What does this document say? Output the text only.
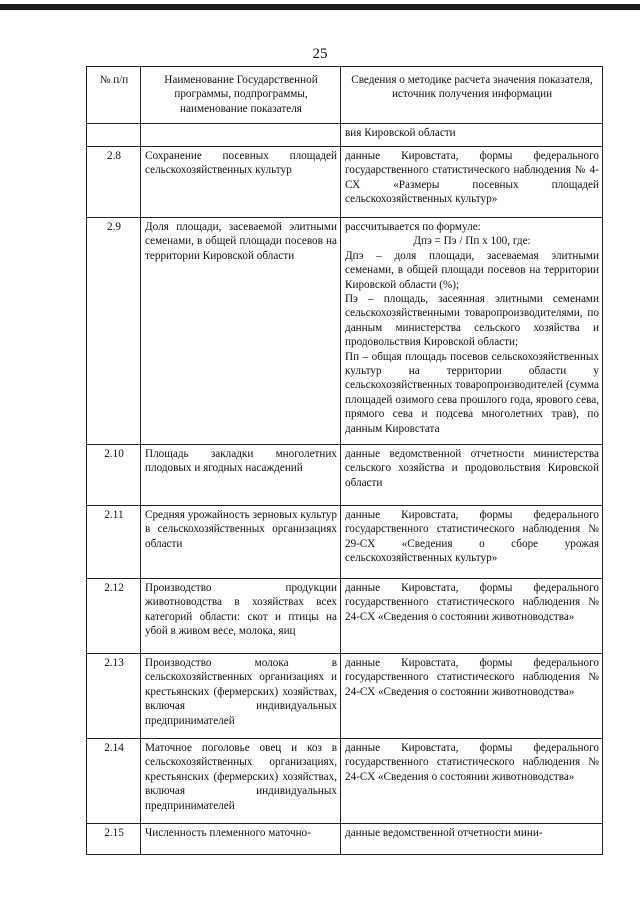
25
№ п/п	Наименование Государственной программы, подпрограммы, наименование показателя	Сведения о методике расчета значения показателя, источник получения информации
		вия Кировской области
2.8	Сохранение посевных площадей сельскохозяйственных культур	данные Кировстата, формы федерального государственного статистического наблюдения № 4-СХ «Размеры посевных площадей сельскохозяйственных культур»
2.9	Доля площади, засеваемой элитными семенами, в общей площади посевов на территории Кировской области	рассчитывается по формуле:
Дпэ = Пэ / Пп х 100, где:
Дпэ – доля площади, засеваемая элитными семенами, в общей площади посевов на территории Кировской области (%);
Пэ – площадь, засеянная элитными семенами сельскохозяйственными товаропроизводителями, по данным министерства сельского хозяйства и продовольствия Кировской области;
Пп – общая площадь посевов сельскохозяйственных культур на территории области у сельскохозяйственных товаропроизводителей (сумма площадей озимого сева прошлого года, ярового сева, прямого сева и подсева многолетних трав), по данным Кировстата

2.10	Площадь закладки многолетних плодовых и ягодных насаждений	данные ведомственной отчетности министерства сельского хозяйства и продовольствия Кировской области
2.11	Средняя урожайность зерновых культур в сельскохозяйственных организациях области	данные Кировстата, формы федерального государственного статистического наблюдения № 29-СХ «Сведения о сборе урожая сельскохозяйственных культур»
2.12	Производство продукции животноводства в хозяйствах всех категорий области: скот и птицы на убой в живом весе, молока, яиц	данные Кировстата, формы федерального государственного статистического наблюдения № 24-СХ «Сведения о состоянии животноводства»
2.13	Производство молока в сельскохозяйственных организациях и крестьянских (фермерских) хозяйствах, включая индивидуальных предпринимателей	данные Кировстата, формы федерального государственного статистического наблюдения № 24-СХ «Сведения о состоянии животноводства»
2.14	Маточное поголовье овец и коз в сельскохозяйственных организациях, крестьянских (фермерских) хозяйствах, включая индивидуальных предпринимателей	данные Кировстата, формы федерального государственного статистического наблюдения № 24-СХ «Сведения о состоянии животноводства»
2.15	Численность племенного маточно-	данные ведомственной отчетности мини-
